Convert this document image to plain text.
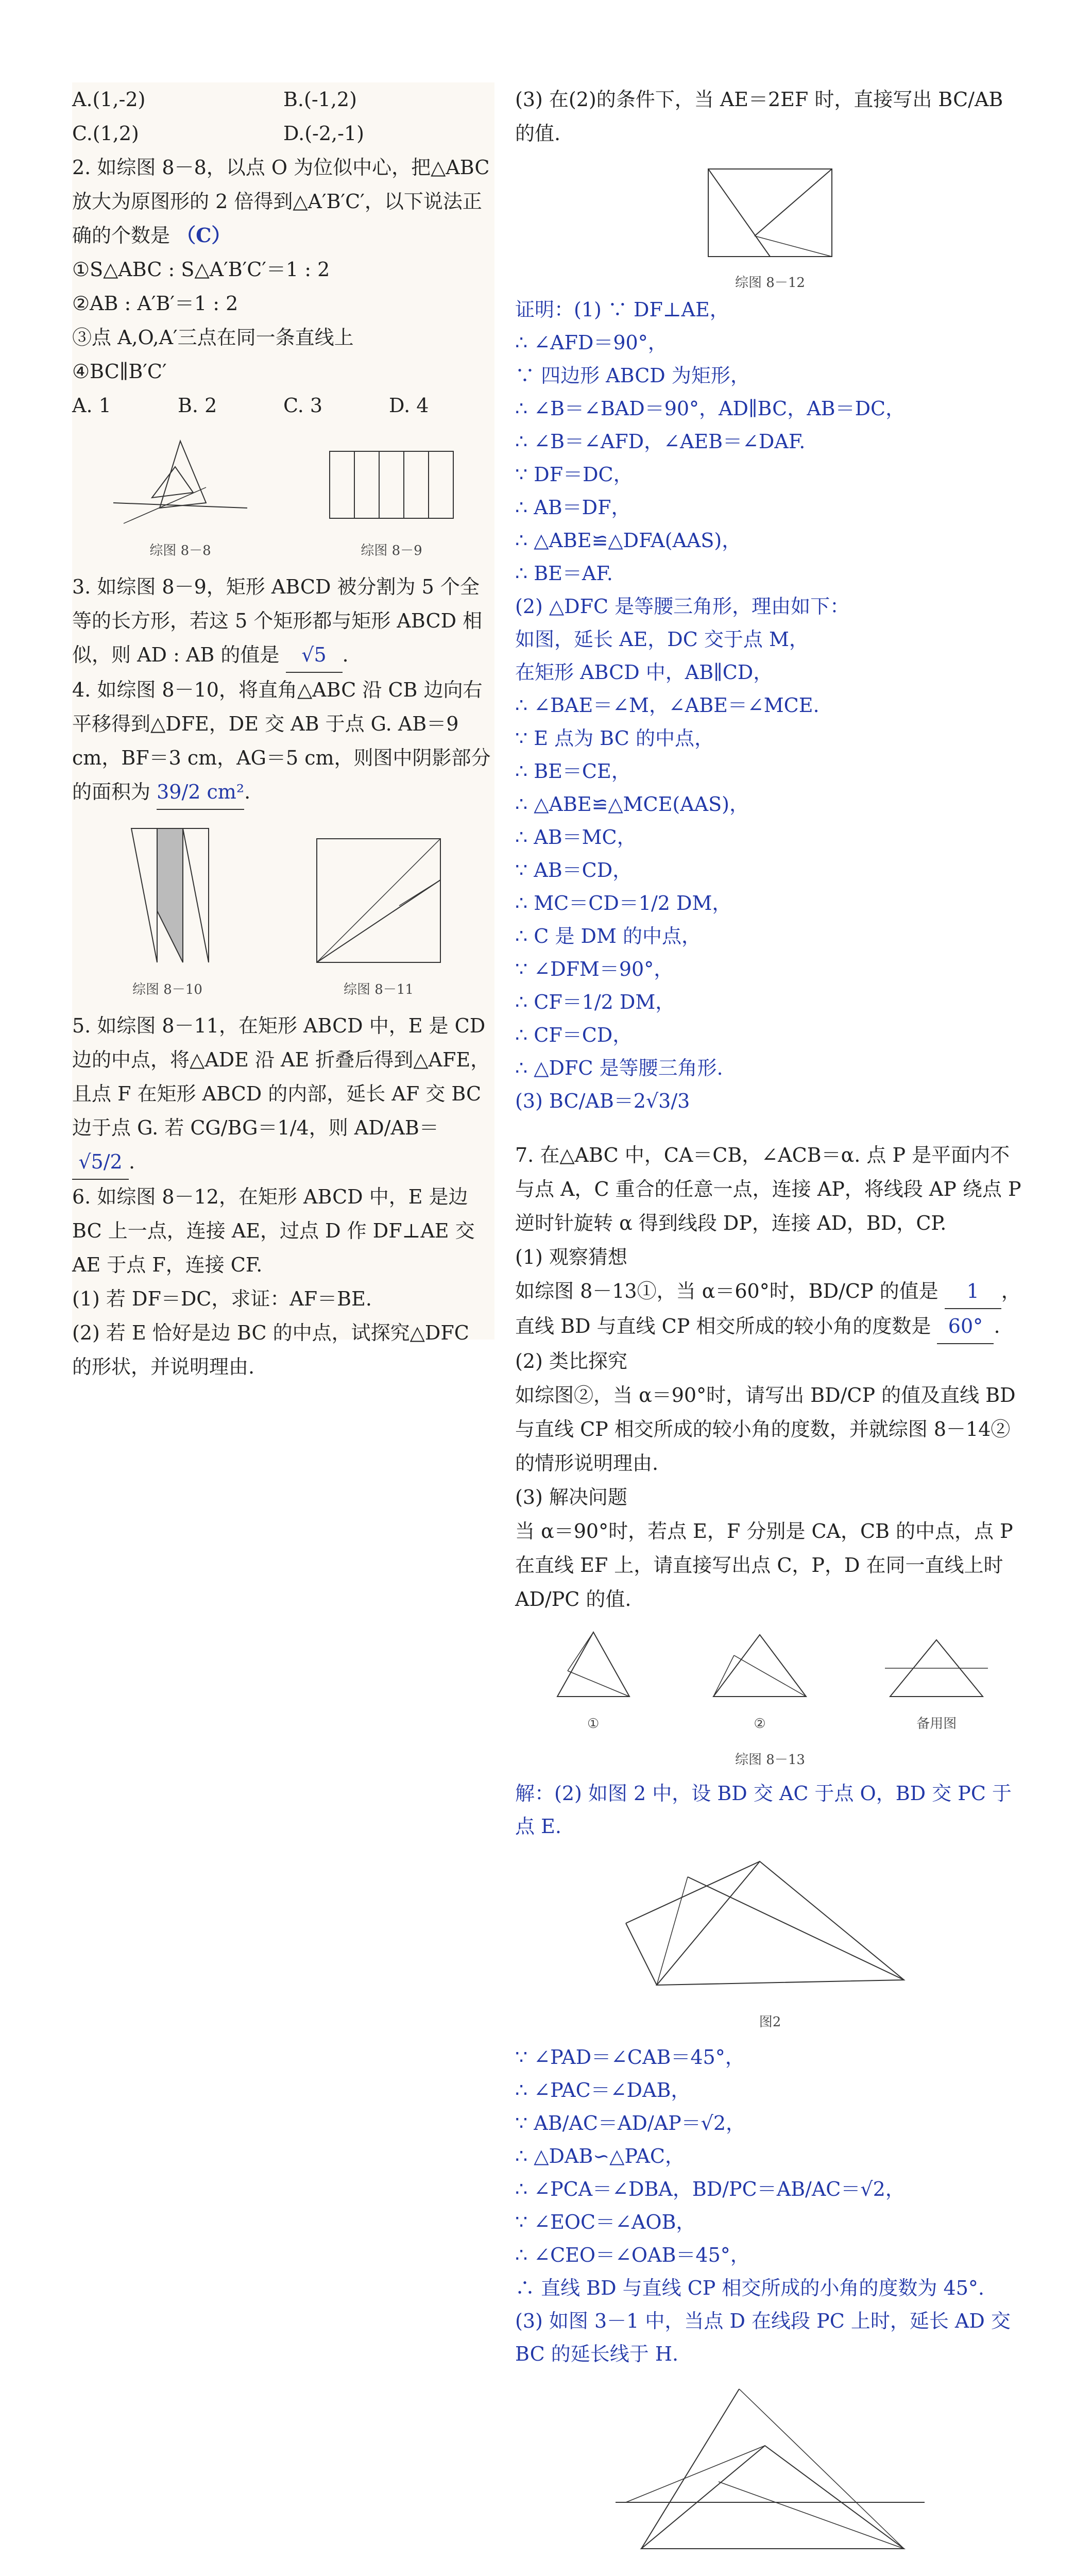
A.(1,-2)	B.(-1,2)
C.(1,2)	D.(-2,-1)

2. 如综图 8－8，以点 O 为位似中心，把△ABC 放大为原图形的 2 倍得到△A′B′C′，以下说法正确的个数是 （C）

①S△ABC : S△A′B′C′＝1 : 2

②AB : A′B′＝1 : 2

③点 A,O,A′三点在同一条直线上

④BC∥B′C′

A. 1	B. 2	C. 3	D. 4
综图 8－8	综图 8－9

3. 如综图 8－9，矩形 ABCD 被分割为 5 个全等的长方形，若这 5 个矩形都与矩形 ABCD 相似，则 AD : AB 的值是 √5 .

4. 如综图 8－10，将直角△ABC 沿 CB 边向右平移得到△DFE，DE 交 AB 于点 G. AB＝9 cm，BF＝3 cm，AG＝5 cm，则图中阴影部分的面积为 39/2 cm².

综图 8－10	综图 8－11

5. 如综图 8－11，在矩形 ABCD 中，E 是 CD 边的中点，将△ADE 沿 AE 折叠后得到△AFE，且点 F 在矩形 ABCD 的内部，延长 AF 交 BC 边于点 G. 若 CG/BG＝1/4，则 AD/AB＝ √5/2 .

6. 如综图 8－12，在矩形 ABCD 中，E 是边 BC 上一点，连接 AE，过点 D 作 DF⊥AE 交 AE 于点 F，连接 CF.

(1) 若 DF＝DC，求证：AF＝BE.

(2) 若 E 恰好是边 BC 的中点，试探究△DFC 的形状，并说明理由.

(3) 在(2)的条件下，当 AE＝2EF 时，直接写出 BC/AB 的值.

综图 8－12

证明：(1) ∵ DF⊥AE，

∴ ∠AFD＝90°，

∵ 四边形 ABCD 为矩形，

∴ ∠B＝∠BAD＝90°，AD∥BC，AB＝DC，

∴ ∠B＝∠AFD，∠AEB＝∠DAF.

∵ DF＝DC，

∴ AB＝DF，

∴ △ABE≌△DFA(AAS)，

∴ BE＝AF.

(2) △DFC 是等腰三角形，理由如下：

如图，延长 AE，DC 交于点 M，

在矩形 ABCD 中，AB∥CD，

∴ ∠BAE＝∠M，∠ABE＝∠MCE.

∵ E 点为 BC 的中点，

∴ BE＝CE，

∴ △ABE≌△MCE(AAS)，

∴ AB＝MC，

∵ AB＝CD，

∴ MC＝CD＝1/2 DM，

∴ C 是 DM 的中点，

∵ ∠DFM＝90°，

∴ CF＝1/2 DM，

∴ CF＝CD，

∴ △DFC 是等腰三角形.

(3) BC/AB＝2√3/3

7. 在△ABC 中，CA＝CB，∠ACB＝α. 点 P 是平面内不与点 A，C 重合的任意一点，连接 AP，将线段 AP 绕点 P 逆时针旋转 α 得到线段 DP，连接 AD，BD，CP.

(1) 观察猜想

如综图 8－13①，当 α＝60°时，BD/CP 的值是 1 ，直线 BD 与直线 CP 相交所成的较小角的度数是 60° .

(2) 类比探究

如综图②，当 α＝90°时，请写出 BD/CP 的值及直线 BD 与直线 CP 相交所成的较小角的度数，并就综图 8－14②的情形说明理由.

(3) 解决问题

当 α＝90°时，若点 E，F 分别是 CA，CB 的中点，点 P 在直线 EF 上，请直接写出点 C，P，D 在同一直线上时 AD/PC 的值.

①	②	备用图
综图 8－13

解：(2) 如图 2 中，设 BD 交 AC 于点 O，BD 交 PC 于点 E.

图2

∵ ∠PAD＝∠CAB＝45°，

∴ ∠PAC＝∠DAB，

∵ AB/AC＝AD/AP＝√2，

∴ △DAB∽△PAC，

∴ ∠PCA＝∠DBA，BD/PC＝AB/AC＝√2，

∵ ∠EOC＝∠AOB，

∴ ∠CEO＝∠OAB＝45°，

∴ 直线 BD 与直线 CP 相交所成的小角的度数为 45°.

(3) 如图 3－1 中，当点 D 在线段 PC 上时，延长 AD 交 BC 的延长线于 H.
